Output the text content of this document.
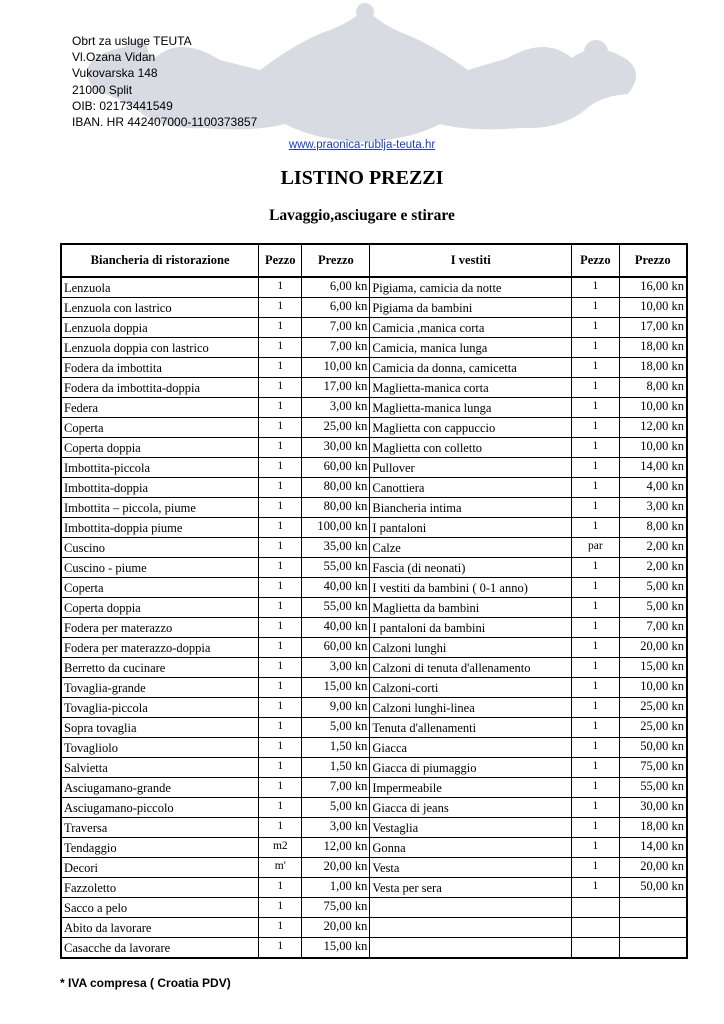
Obrt za usluge TEUTA
Vl.Ozana Vidan
Vukovarska 148
21000 Split
OIB: 02173441549
IBAN. HR 442407000-1100373857
www.praonica-rublja-teuta.hr
LISTINO PREZZI
Lavaggio,asciugare e stirare
Biancheria di ristorazione	Pezzo	Prezzo	I vestiti	Pezzo	Prezzo
Lenzuola	1	6,00 kn	Pigiama, camicia da notte	1	16,00 kn
Lenzuola con lastrico	1	6,00 kn	Pigiama da bambini	1	10,00 kn
Lenzuola doppia	1	7,00 kn	Camicia ,manica corta	1	17,00 kn
Lenzuola doppia con lastrico	1	7,00 kn	Camicia, manica lunga	1	18,00 kn
Fodera da imbottita	1	10,00 kn	Camicia da donna, camicetta	1	18,00 kn
Fodera da imbottita-doppia	1	17,00 kn	Maglietta-manica corta	1	8,00 kn
Federa	1	3,00 kn	Maglietta-manica lunga	1	10,00 kn
Coperta	1	25,00 kn	Maglietta con cappuccio	1	12,00 kn
Coperta doppia	1	30,00 kn	Maglietta con colletto	1	10,00 kn
Imbottita-piccola	1	60,00 kn	Pullover	1	14,00 kn
Imbottita-doppia	1	80,00 kn	Canottiera	1	4,00 kn
Imbottita – piccola, piume	1	80,00 kn	Biancheria intima	1	3,00 kn
Imbottita-doppia piume	1	100,00 kn	I pantaloni	1	8,00 kn
Cuscino	1	35,00 kn	Calze	par	2,00 kn
Cuscino - piume	1	55,00 kn	Fascia (di neonati)	1	2,00 kn
Coperta	1	40,00 kn	I vestiti da bambini ( 0-1 anno)	1	5,00 kn
Coperta doppia	1	55,00 kn	Maglietta da bambini	1	5,00 kn
Fodera per materazzo	1	40,00 kn	I pantaloni da bambini	1	7,00 kn
Fodera per materazzo-doppia	1	60,00 kn	Calzoni lunghi	1	20,00 kn
Berretto da cucinare	1	3,00 kn	Calzoni di tenuta d'allenamento	1	15,00 kn
Tovaglia-grande	1	15,00 kn	Calzoni-corti	1	10,00 kn
Tovaglia-piccola	1	9,00 kn	Calzoni lunghi-linea	1	25,00 kn
Sopra tovaglia	1	5,00 kn	Tenuta d'allenamenti	1	25,00 kn
Tovagliolo	1	1,50 kn	Giacca	1	50,00 kn
Salvietta	1	1,50 kn	Giacca di piumaggio	1	75,00 kn
Asciugamano-grande	1	7,00 kn	Impermeabile	1	55,00 kn
Asciugamano-piccolo	1	5,00 kn	Giacca di jeans	1	30,00 kn
Traversa	1	3,00 kn	Vestaglia	1	18,00 kn
Tendaggio	m2	12,00 kn	Gonna	1	14,00 kn
Decori	m'	20,00 kn	Vesta	1	20,00 kn
Fazzoletto	1	1,00 kn	Vesta per sera	1	50,00 kn
Sacco a pelo	1	75,00 kn			
Abito da lavorare	1	20,00 kn			
Casacche da lavorare	1	15,00 kn			
* IVA compresa ( Croatia PDV)
